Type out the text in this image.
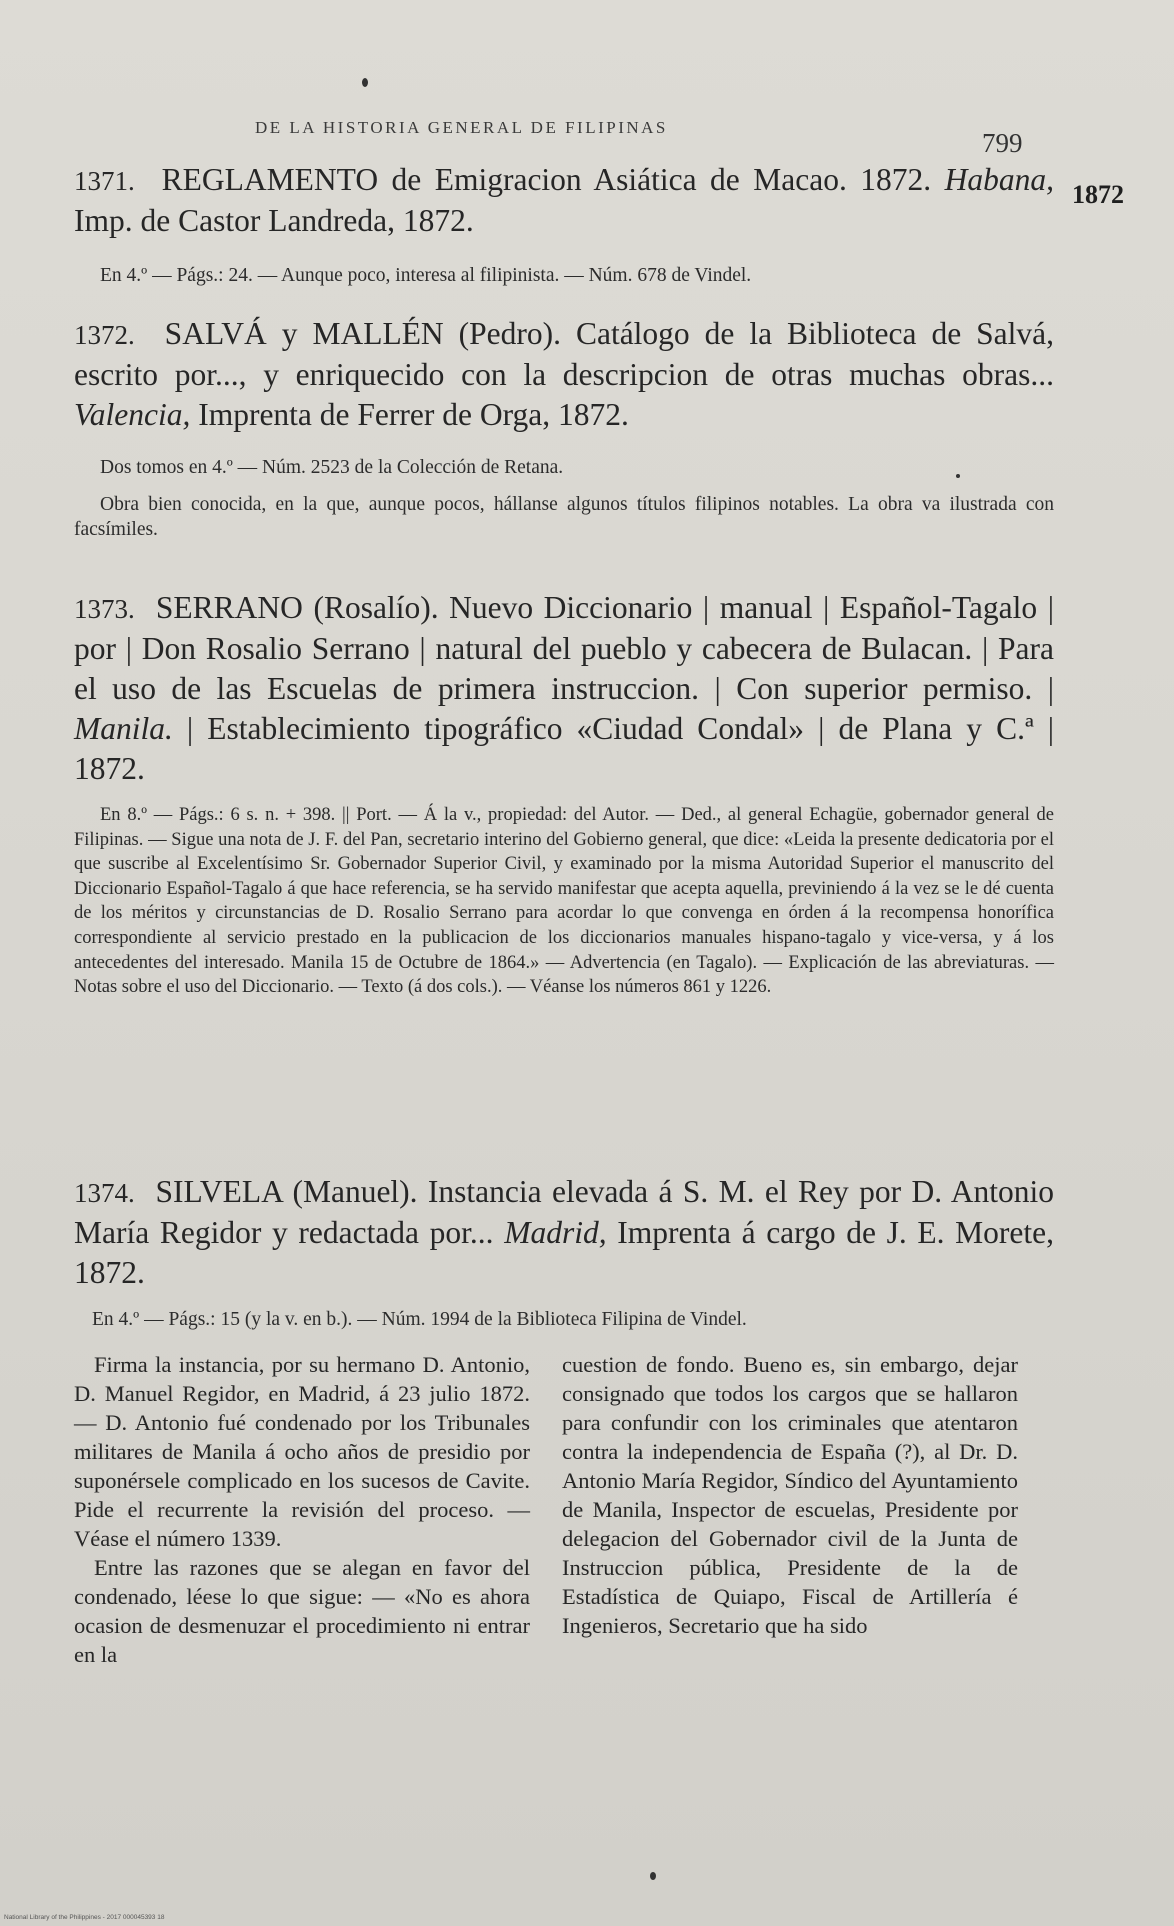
DE LA HISTORIA GENERAL DE FILIPINAS
799
1872

1371. REGLAMENTO de Emigracion Asiática de Macao. 1872. Habana, Imp. de Castor Landreda, 1872.

En 4.º — Págs.: 24. — Aunque poco, interesa al filipinista. — Núm. 678 de Vindel.

1372. SALVÁ y MALLÉN (Pedro). Catálogo de la Biblioteca de Salvá, escrito por..., y enriquecido con la descripcion de otras muchas obras... Valencia, Imprenta de Ferrer de Orga, 1872.

Dos tomos en 4.º — Núm. 2523 de la Colección de Retana.

Obra bien conocida, en la que, aunque pocos, hállanse algunos títulos filipinos notables. La obra va ilustrada con facsímiles.

1373. SERRANO (Rosalío). Nuevo Diccionario | manual | Español-Tagalo | por | Don Rosalio Serrano | natural del pueblo y cabecera de Bulacan. | Para el uso de las Escuelas de primera instruccion. | Con superior permiso. | Manila. | Establecimiento tipográfico «Ciudad Condal» | de Plana y C.ª | 1872.

En 8.º — Págs.: 6 s. n. + 398. || Port. — Á la v., propiedad: del Autor. — Ded., al general Echagüe, gobernador general de Filipinas. — Sigue una nota de J. F. del Pan, secretario interino del Gobierno general, que dice: «Leida la presente dedicatoria por el que suscribe al Excelentísimo Sr. Gobernador Superior Civil, y examinado por la misma Autoridad Superior el manuscrito del Diccionario Español-Tagalo á que hace referencia, se ha servido manifestar que acepta aquella, previniendo á la vez se le dé cuenta de los méritos y circunstancias de D. Rosalio Serrano para acordar lo que convenga en órden á la recompensa honorífica correspondiente al servicio prestado en la publicacion de los diccionarios manuales hispano-tagalo y vice-versa, y á los antecedentes del interesado. Manila 15 de Octubre de 1864.» — Advertencia (en Tagalo). — Explicación de las abreviaturas. — Notas sobre el uso del Diccionario. — Texto (á dos cols.). — Véanse los números 861 y 1226.

1374. SILVELA (Manuel). Instancia elevada á S. M. el Rey por D. Antonio María Regidor y redactada por... Madrid, Imprenta á cargo de J. E. Morete, 1872.

En 4.º — Págs.: 15 (y la v. en b.). — Núm. 1994 de la Biblioteca Filipina de Vindel.

Firma la instancia, por su hermano D. Antonio, D. Manuel Regidor, en Madrid, á 23 julio 1872. — D. Antonio fué condenado por los Tribunales militares de Manila á ocho años de presidio por suponérsele complicado en los sucesos de Cavite. Pide el recurrente la revisión del proceso. — Véase el número 1339.

Entre las razones que se alegan en favor del condenado, léese lo que sigue: — «No es ahora ocasion de desmenuzar el procedimiento ni entrar en la

cuestion de fondo. Bueno es, sin embargo, dejar consignado que todos los cargos que se hallaron para confundir con los criminales que atentaron contra la independencia de España (?), al Dr. D. Antonio María Regidor, Síndico del Ayuntamiento de Manila, Inspector de escuelas, Presidente por delegacion del Gobernador civil de la Junta de Instruccion pública, Presidente de la de Estadística de Quiapo, Fiscal de Artillería é Ingenieros, Secretario que ha sido

National Library of the Philippines - 2017 000045393 18
